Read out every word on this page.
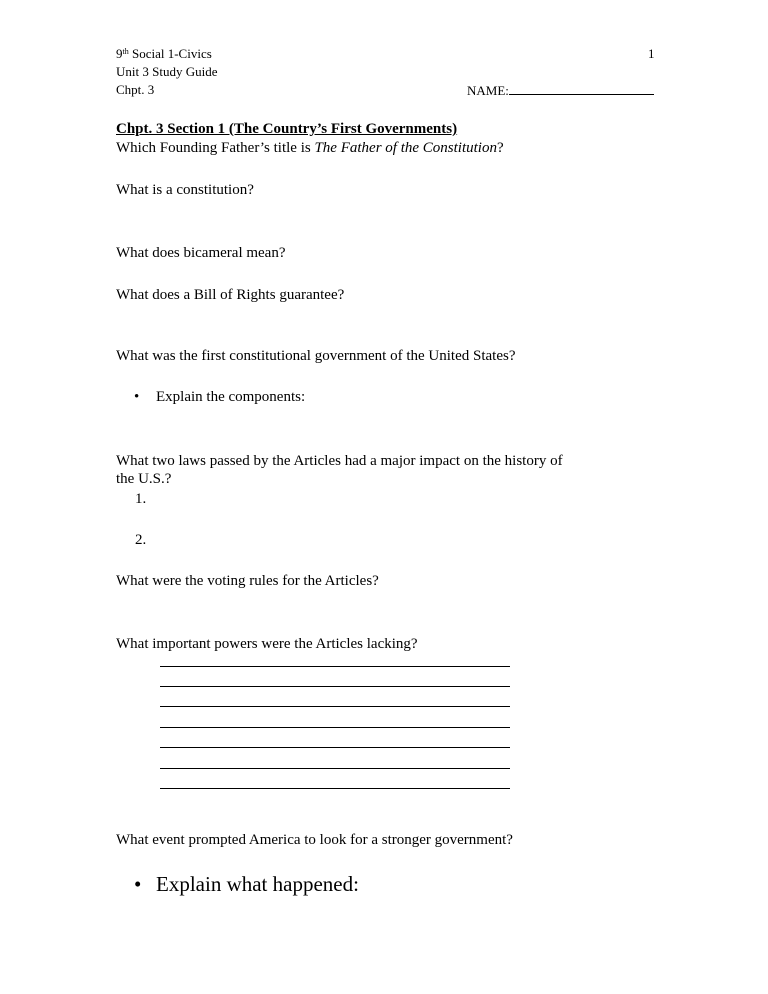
9th Social 1-Civics
Unit 3 Study Guide
Chpt. 3
1
NAME:
Chpt. 3 Section 1 (The Country’s First Governments)
Which Founding Father’s title is The Father of the Constitution?
What is a constitution?
What does bicameral mean?
What does a Bill of Rights guarantee?
What was the first constitutional government of the United States?
• Explain the components:
What two laws passed by the Articles had a major impact on the history of
the U.S.?
1.
2.
What were the voting rules for the Articles?
What important powers were the Articles lacking?
What event prompted America to look for a stronger government?
• Explain what happened:
